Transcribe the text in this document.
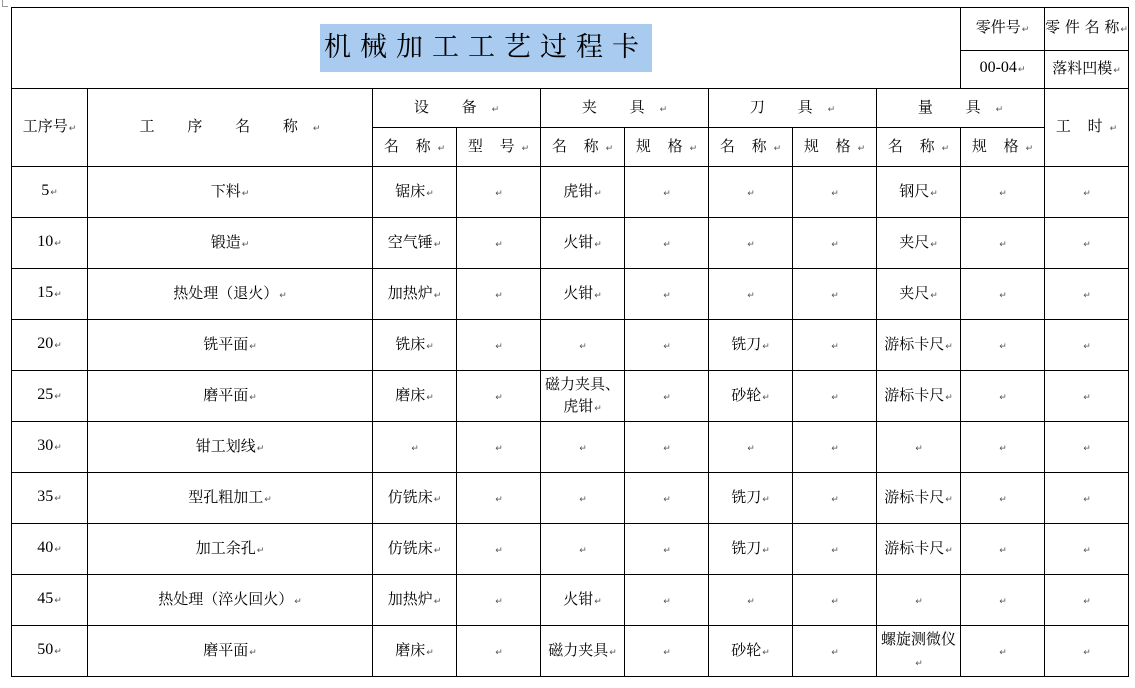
机械加工工艺过程卡									零件号↵	零 件 名 称↵
									00-04↵	落料凹模↵
工序号↵	工 序 名 称↵	设 备↵		夹 具↵		刀 具↵		量 具↵		工 时↵
		名 称↵	型 号↵	名 称↵	规 格↵	名 称↵	规 格↵	名 称↵	规 格↵	
5↵	下料↵	锯床↵	↵	虎钳↵	↵	↵	↵	钢尺↵	↵	↵
10↵	锻造↵	空气锤↵	↵	火钳↵	↵	↵	↵	夹尺↵	↵	↵
15↵	热处理（退火）↵	加热炉↵	↵	火钳↵	↵	↵	↵	夹尺↵	↵	↵
20↵	铣平面↵	铣床↵	↵	↵	↵	铣刀↵	↵	游标卡尺↵	↵	↵
25↵	磨平面↵	磨床↵	↵	磁力夹具、虎钳↵	↵	砂轮↵	↵	游标卡尺↵	↵	↵
30↵	钳工划线↵	↵	↵	↵	↵	↵	↵	↵	↵	↵
35↵	型孔粗加工↵	仿铣床↵	↵	↵	↵	铣刀↵	↵	游标卡尺↵	↵	↵
40↵	加工余孔↵	仿铣床↵	↵	↵	↵	铣刀↵	↵	游标卡尺↵	↵	↵
45↵	热处理（淬火回火）↵	加热炉↵	↵	火钳↵	↵	↵	↵	↵	↵	↵
50↵	磨平面↵	磨床↵	↵	磁力夹具↵	↵	砂轮↵	↵	螺旋测微仪↵	↵	↵
